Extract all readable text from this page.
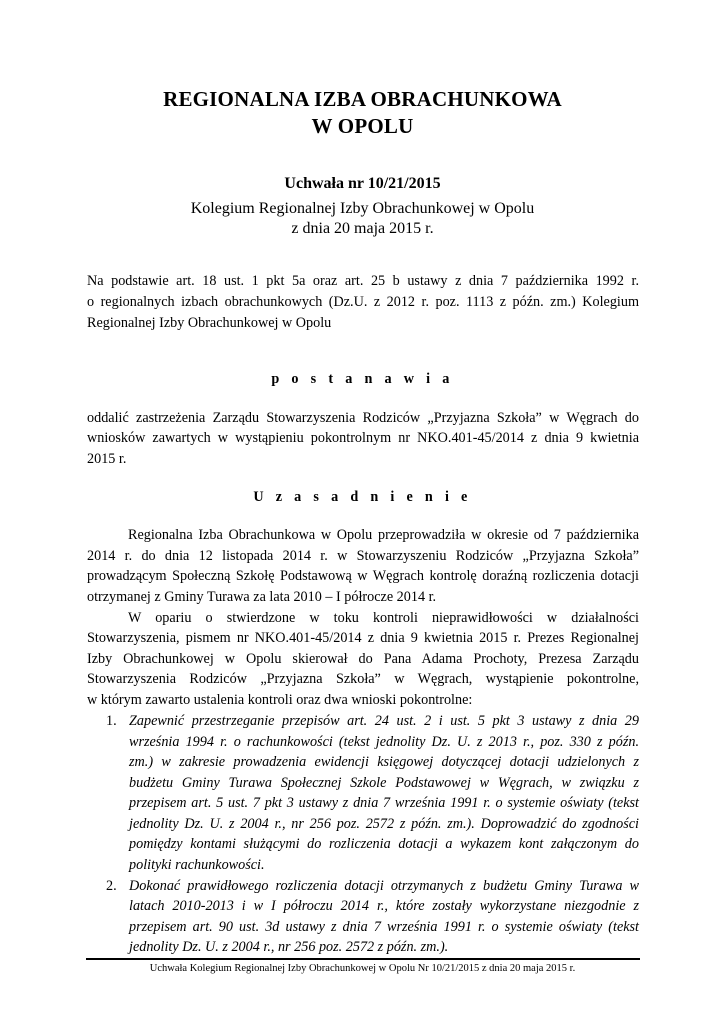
REGIONALNA IZBA OBRACHUNKOWA
W OPOLU
Uchwała nr 10/21/2015
Kolegium Regionalnej Izby Obrachunkowej w Opolu
z dnia 20 maja 2015 r.
Na podstawie art. 18 ust. 1 pkt 5a oraz art. 25 b ustawy z dnia 7 października 1992 r.
o regionalnych izbach obrachunkowych (Dz.U. z 2012 r. poz. 1113 z późn. zm.) Kolegium
Regionalnej Izby Obrachunkowej w Opolu
p o s t a n a w i a
oddalić zastrzeżenia Zarządu Stowarzyszenia Rodziców „Przyjazna Szkoła” w Węgrach do
wniosków zawartych w wystąpieniu pokontrolnym nr NKO.401-45/2014 z dnia 9 kwietnia
2015 r.
U z a s a d n i e n i e
Regionalna Izba Obrachunkowa w Opolu przeprowadziła w okresie od 7 października
2014 r. do dnia 12 listopada 2014 r. w Stowarzyszeniu Rodziców „Przyjazna Szkoła”
prowadzącym Społeczną Szkołę Podstawową w Węgrach kontrolę doraźną rozliczenia dotacji
otrzymanej z Gminy Turawa za lata 2010 – I półrocze 2014 r.
W opariu o stwierdzone w toku kontroli nieprawidłowości w działalności
Stowarzyszenia, pismem nr NKO.401-45/2014 z dnia 9 kwietnia 2015 r. Prezes Regionalnej
Izby Obrachunkowej w Opolu skierował do Pana Adama Prochoty, Prezesa Zarządu
Stowarzyszenia Rodziców „Przyjazna Szkoła” w Węgrach, wystąpienie pokontrolne,
w którym zawarto ustalenia kontroli oraz dwa wnioski pokontrolne:
1. Zapewnić przestrzeganie przepisów art. 24 ust. 2 i ust. 5 pkt 3 ustawy z dnia 29
września 1994 r. o rachunkowości (tekst jednolity Dz. U. z 2013 r., poz. 330 z późn.
zm.) w zakresie prowadzenia ewidencji księgowej dotyczącej dotacji udzielonych z
budżetu Gminy Turawa Społecznej Szkole Podstawowej w Węgrach, w związku z
przepisem art. 5 ust. 7 pkt 3 ustawy z dnia 7 września 1991 r. o systemie oświaty (tekst
jednolity Dz. U. z 2004 r., nr 256 poz. 2572 z późn. zm.). Doprowadzić do zgodności
pomiędzy kontami służącymi do rozliczenia dotacji a wykazem kont załączonym do
polityki rachunkowości.
2. Dokonać prawidłowego rozliczenia dotacji otrzymanych z budżetu Gminy Turawa w
latach 2010-2013 i w I półroczu 2014 r., które zostały wykorzystane niezgodnie z
przepisem art. 90 ust. 3d ustawy z dnia 7 września 1991 r. o systemie oświaty (tekst
jednolity Dz. U. z 2004 r., nr 256 poz. 2572 z późn. zm.).
Uchwała Kolegium Regionalnej Izby Obrachunkowej w Opolu Nr 10/21/2015 z dnia 20 maja 2015 r.
